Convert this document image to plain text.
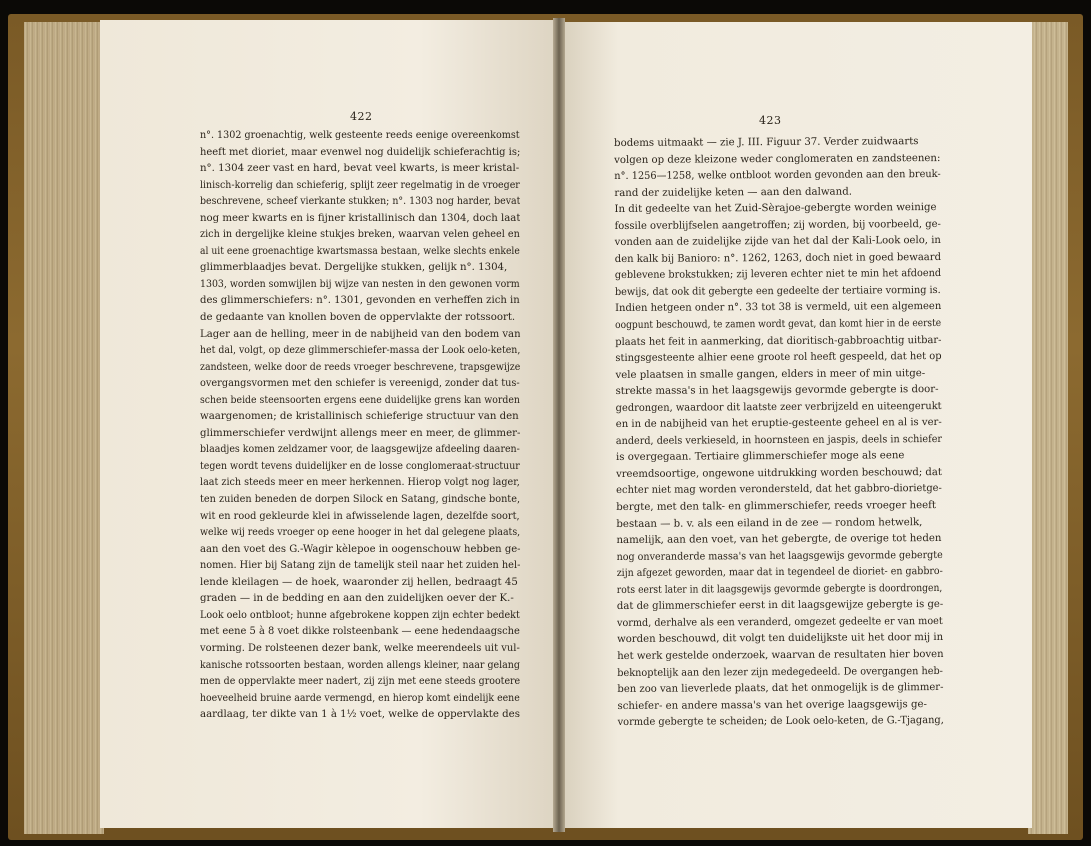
422
n°. 1302 groenachtig, welk gesteente reeds eenige overeenkomst
heeft met dioriet, maar evenwel nog duidelijk schieferachtig is;
n°. 1304 zeer vast en hard, bevat veel kwarts, is meer kristal-
linisch-korrelig dan schieferig, splijt zeer regelmatig in de vroeger
beschrevene, scheef vierkante stukken; n°. 1303 nog harder, bevat
nog meer kwarts en is fijner kristallinisch dan 1304, doch laat
zich in dergelijke kleine stukjes breken, waarvan velen geheel en
al uit eene groenachtige kwartsmassa bestaan, welke slechts enkele
glimmerblaadjes bevat. Dergelijke stukken, gelijk n°. 1304,
1303, worden somwijlen bij wijze van nesten in den gewonen vorm
des glimmerschiefers: n°. 1301, gevonden en verheffen zich in
de gedaante van knollen boven de oppervlakte der rotssoort.
Lager aan de helling, meer in de nabijheid van den bodem van
het dal, volgt, op deze glimmerschiefer-massa der Look oelo-keten,
zandsteen, welke door de reeds vroeger beschrevene, trapsgewijze
overgangsvormen met den schiefer is vereenigd, zonder dat tus-
schen beide steensoorten ergens eene duidelijke grens kan worden
waargenomen; de kristallinisch schieferige structuur van den
glimmerschiefer verdwijnt allengs meer en meer, de glimmer-
blaadjes komen zeldzamer voor, de laagsgewijze afdeeling daaren-
tegen wordt tevens duidelijker en de losse conglomeraat-structuur
laat zich steeds meer en meer herkennen. Hierop volgt nog lager,
ten zuiden beneden de dorpen Silock en Satang, gindsche bonte,
wit en rood gekleurde klei in afwisselende lagen, dezelfde soort,
welke wij reeds vroeger op eene hooger in het dal gelegene plaats,
aan den voet des G.-Wagir kèlepoe in oogenschouw hebben ge-
nomen. Hier bij Satang zijn de tamelijk steil naar het zuiden hel-
lende kleilagen — de hoek, waaronder zij hellen, bedraagt 45
graden — in de bedding en aan den zuidelijken oever der K.-
Look oelo ontbloot; hunne afgebrokene koppen zijn echter bedekt
met eene 5 à 8 voet dikke rolsteenbank — eene hedendaagsche
vorming. De rolsteenen dezer bank, welke meerendeels uit vul-
kanische rotssoorten bestaan, worden allengs kleiner, naar gelang
men de oppervlakte meer nadert, zij zijn met eene steeds grootere
hoeveelheid bruine aarde vermengd, en hierop komt eindelijk eene
aardlaag, ter dikte van 1 à 1½ voet, welke de oppervlakte des
423
bodems uitmaakt — zie J. III. Figuur 37. Verder zuidwaarts
volgen op deze kleizone weder conglomeraten en zandsteenen:
n°. 1256—1258, welke ontbloot worden gevonden aan den breuk-
rand der zuidelijke keten — aan den dalwand.
In dit gedeelte van het Zuid-Sèrajoe-gebergte worden weinige
fossile overblijfselen aangetroffen; zij worden, bij voorbeeld, ge-
vonden aan de zuidelijke zijde van het dal der Kali-Look oelo, in
den kalk bij Banioro: n°. 1262, 1263, doch niet in goed bewaard
geblevene brokstukken; zij leveren echter niet te min het afdoend
bewijs, dat ook dit gebergte een gedeelte der tertiaire vorming is.
Indien hetgeen onder n°. 33 tot 38 is vermeld, uit een algemeen
oogpunt beschouwd, te zamen wordt gevat, dan komt hier in de eerste
plaats het feit in aanmerking, dat dioritisch-gabbroachtig uitbar-
stingsgesteente alhier eene groote rol heeft gespeeld, dat het op
vele plaatsen in smalle gangen, elders in meer of min uitge-
strekte massa's in het laagsgewijs gevormde gebergte is door-
gedrongen, waardoor dit laatste zeer verbrijzeld en uiteengerukt
en in de nabijheid van het eruptie-gesteente geheel en al is ver-
anderd, deels verkieseld, in hoornsteen en jaspis, deels in schiefer
is overgegaan. Tertiaire glimmerschiefer moge als eene
vreemdsoortige, ongewone uitdrukking worden beschouwd; dat
echter niet mag worden verondersteld, dat het gabbro-diorietge-
bergte, met den talk- en glimmerschiefer, reeds vroeger heeft
bestaan — b. v. als een eiland in de zee — rondom hetwelk,
namelijk, aan den voet, van het gebergte, de overige tot heden
nog onveranderde massa's van het laagsgewijs gevormde gebergte
zijn afgezet geworden, maar dat in tegendeel de dioriet- en gabbro-
rots eerst later in dit laagsgewijs gevormde gebergte is doordrongen,
dat de glimmerschiefer eerst in dit laagsgewijze gebergte is ge-
vormd, derhalve als een veranderd, omgezet gedeelte er van moet
worden beschouwd, dit volgt ten duidelijkste uit het door mij in
het werk gestelde onderzoek, waarvan de resultaten hier boven
beknoptelijk aan den lezer zijn medegedeeld. De overgangen heb-
ben zoo van lieverlede plaats, dat het onmogelijk is de glimmer-
schiefer- en andere massa's van het overige laagsgewijs ge-
vormde gebergte te scheiden; de Look oelo-keten, de G.-Tjagang,
